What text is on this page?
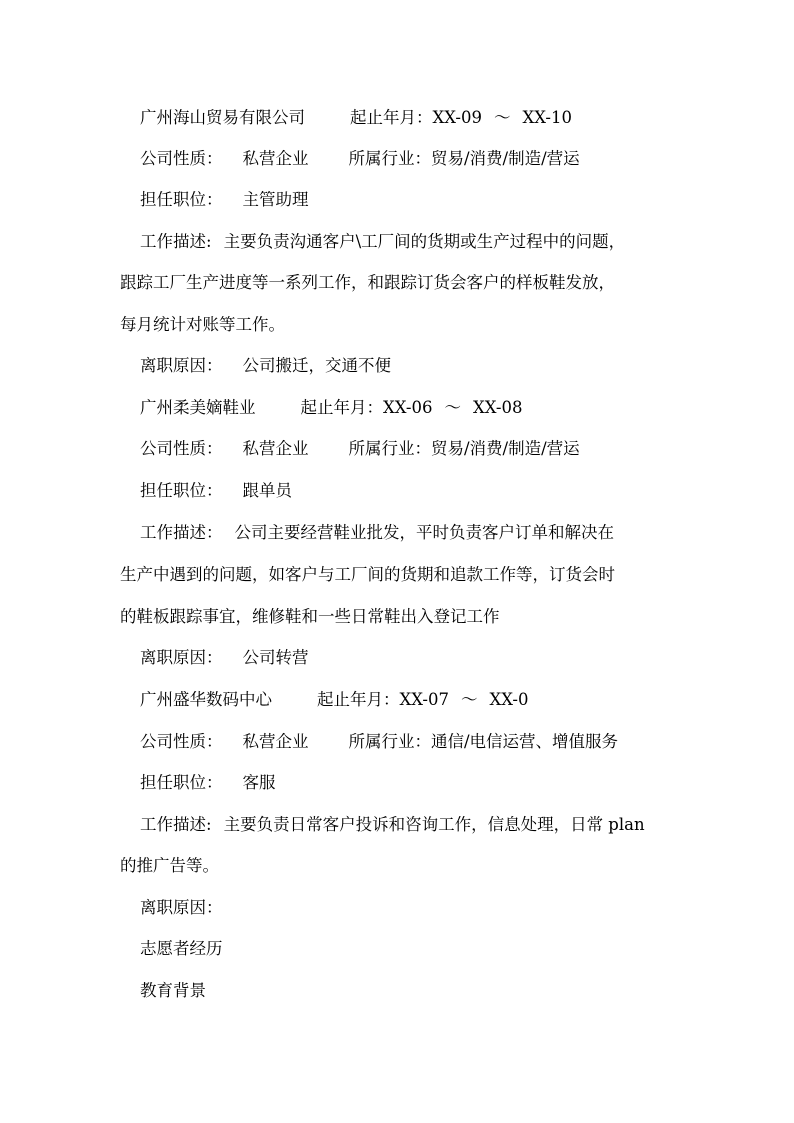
广州海山贸易有限公司	起止年月：XX-09 ～ XX-10
公司性质： 私营企业 所属行业：贸易/消费/制造/营运
担任职位： 主管助理
工作描述: 主要负责沟通客户\工厂间的货期或生产过程中的问题，
跟踪工厂生产进度等一系列工作，和跟踪订货会客户的样板鞋发放，
每月统计对账等工作。
离职原因： 公司搬迁，交通不便
广州柔美嫡鞋业	起止年月：XX-06 ～ XX-08
公司性质： 私营企业 所属行业：贸易/消费/制造/营运
担任职位： 跟单员
工作描述： 公司主要经营鞋业批发，平时负责客户订单和解决在
生产中遇到的问题，如客户与工厂间的货期和追款工作等，订货会时
的鞋板跟踪事宜，维修鞋和一些日常鞋出入登记工作
离职原因： 公司转营
广州盛华数码中心	起止年月：XX-07 ～ XX-0
公司性质： 私营企业 所属行业：通信/电信运营、增值服务
担任职位： 客服
工作描述: 主要负责日常客户投诉和咨询工作，信息处理，日常 plan
的推广告等。
离职原因：
志愿者经历
教育背景
